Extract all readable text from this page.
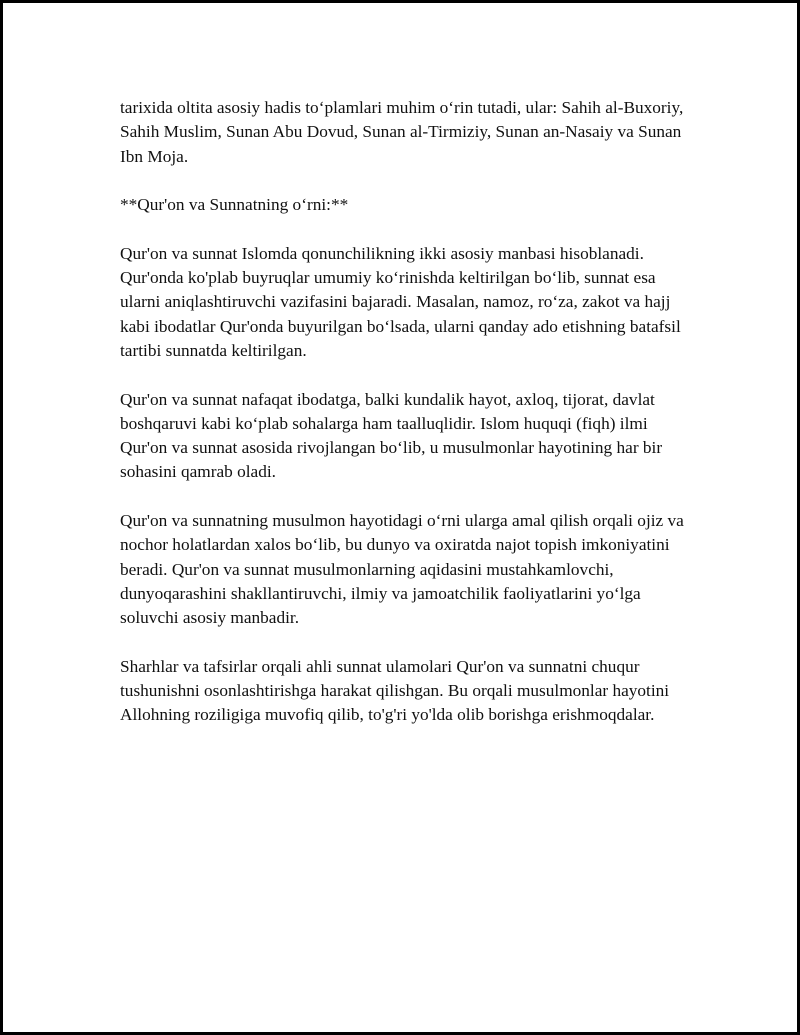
tarixida oltita asosiy hadis to‘plamlari muhim o‘rin tutadi, ular: Sahih al-Buxoriy, Sahih Muslim, Sunan Abu Dovud, Sunan al-Tirmiziy, Sunan an-Nasaiy va Sunan Ibn Moja.

**Qur'on va Sunnatning o‘rni:**

Qur'on va sunnat Islomda qonunchilikning ikki asosiy manbasi hisoblanadi. Qur'onda ko'plab buyruqlar umumiy ko‘rinishda keltirilgan bo‘lib, sunnat esa ularni aniqlashtiruvchi vazifasini bajaradi. Masalan, namoz, ro‘za, zakot va hajj kabi ibodatlar Qur'onda buyurilgan bo‘lsada, ularni qanday ado etishning batafsil tartibi sunnatda keltirilgan.

Qur'on va sunnat nafaqat ibodatga, balki kundalik hayot, axloq, tijorat, davlat boshqaruvi kabi ko‘plab sohalarga ham taalluqlidir. Islom huquqi (fiqh) ilmi Qur'on va sunnat asosida rivojlangan bo‘lib, u musulmonlar hayotining har bir sohasini qamrab oladi.

Qur'on va sunnatning musulmon hayotidagi o‘rni ularga amal qilish orqali ojiz va nochor holatlardan xalos bo‘lib, bu dunyo va oxiratda najot topish imkoniyatini beradi. Qur'on va sunnat musulmonlarning aqidasini mustahkamlovchi, dunyoqarashini shakllantiruvchi, ilmiy va jamoatchilik faoliyatlarini yo‘lga soluvchi asosiy manbadir.

Sharhlar va tafsirlar orqali ahli sunnat ulamolari Qur'on va sunnatni chuqur tushunishni osonlashtirishga harakat qilishgan. Bu orqali musulmonlar hayotini Allohning roziligiga muvofiq qilib, to'g'ri yo'lda olib borishga erishmoqdalar.
